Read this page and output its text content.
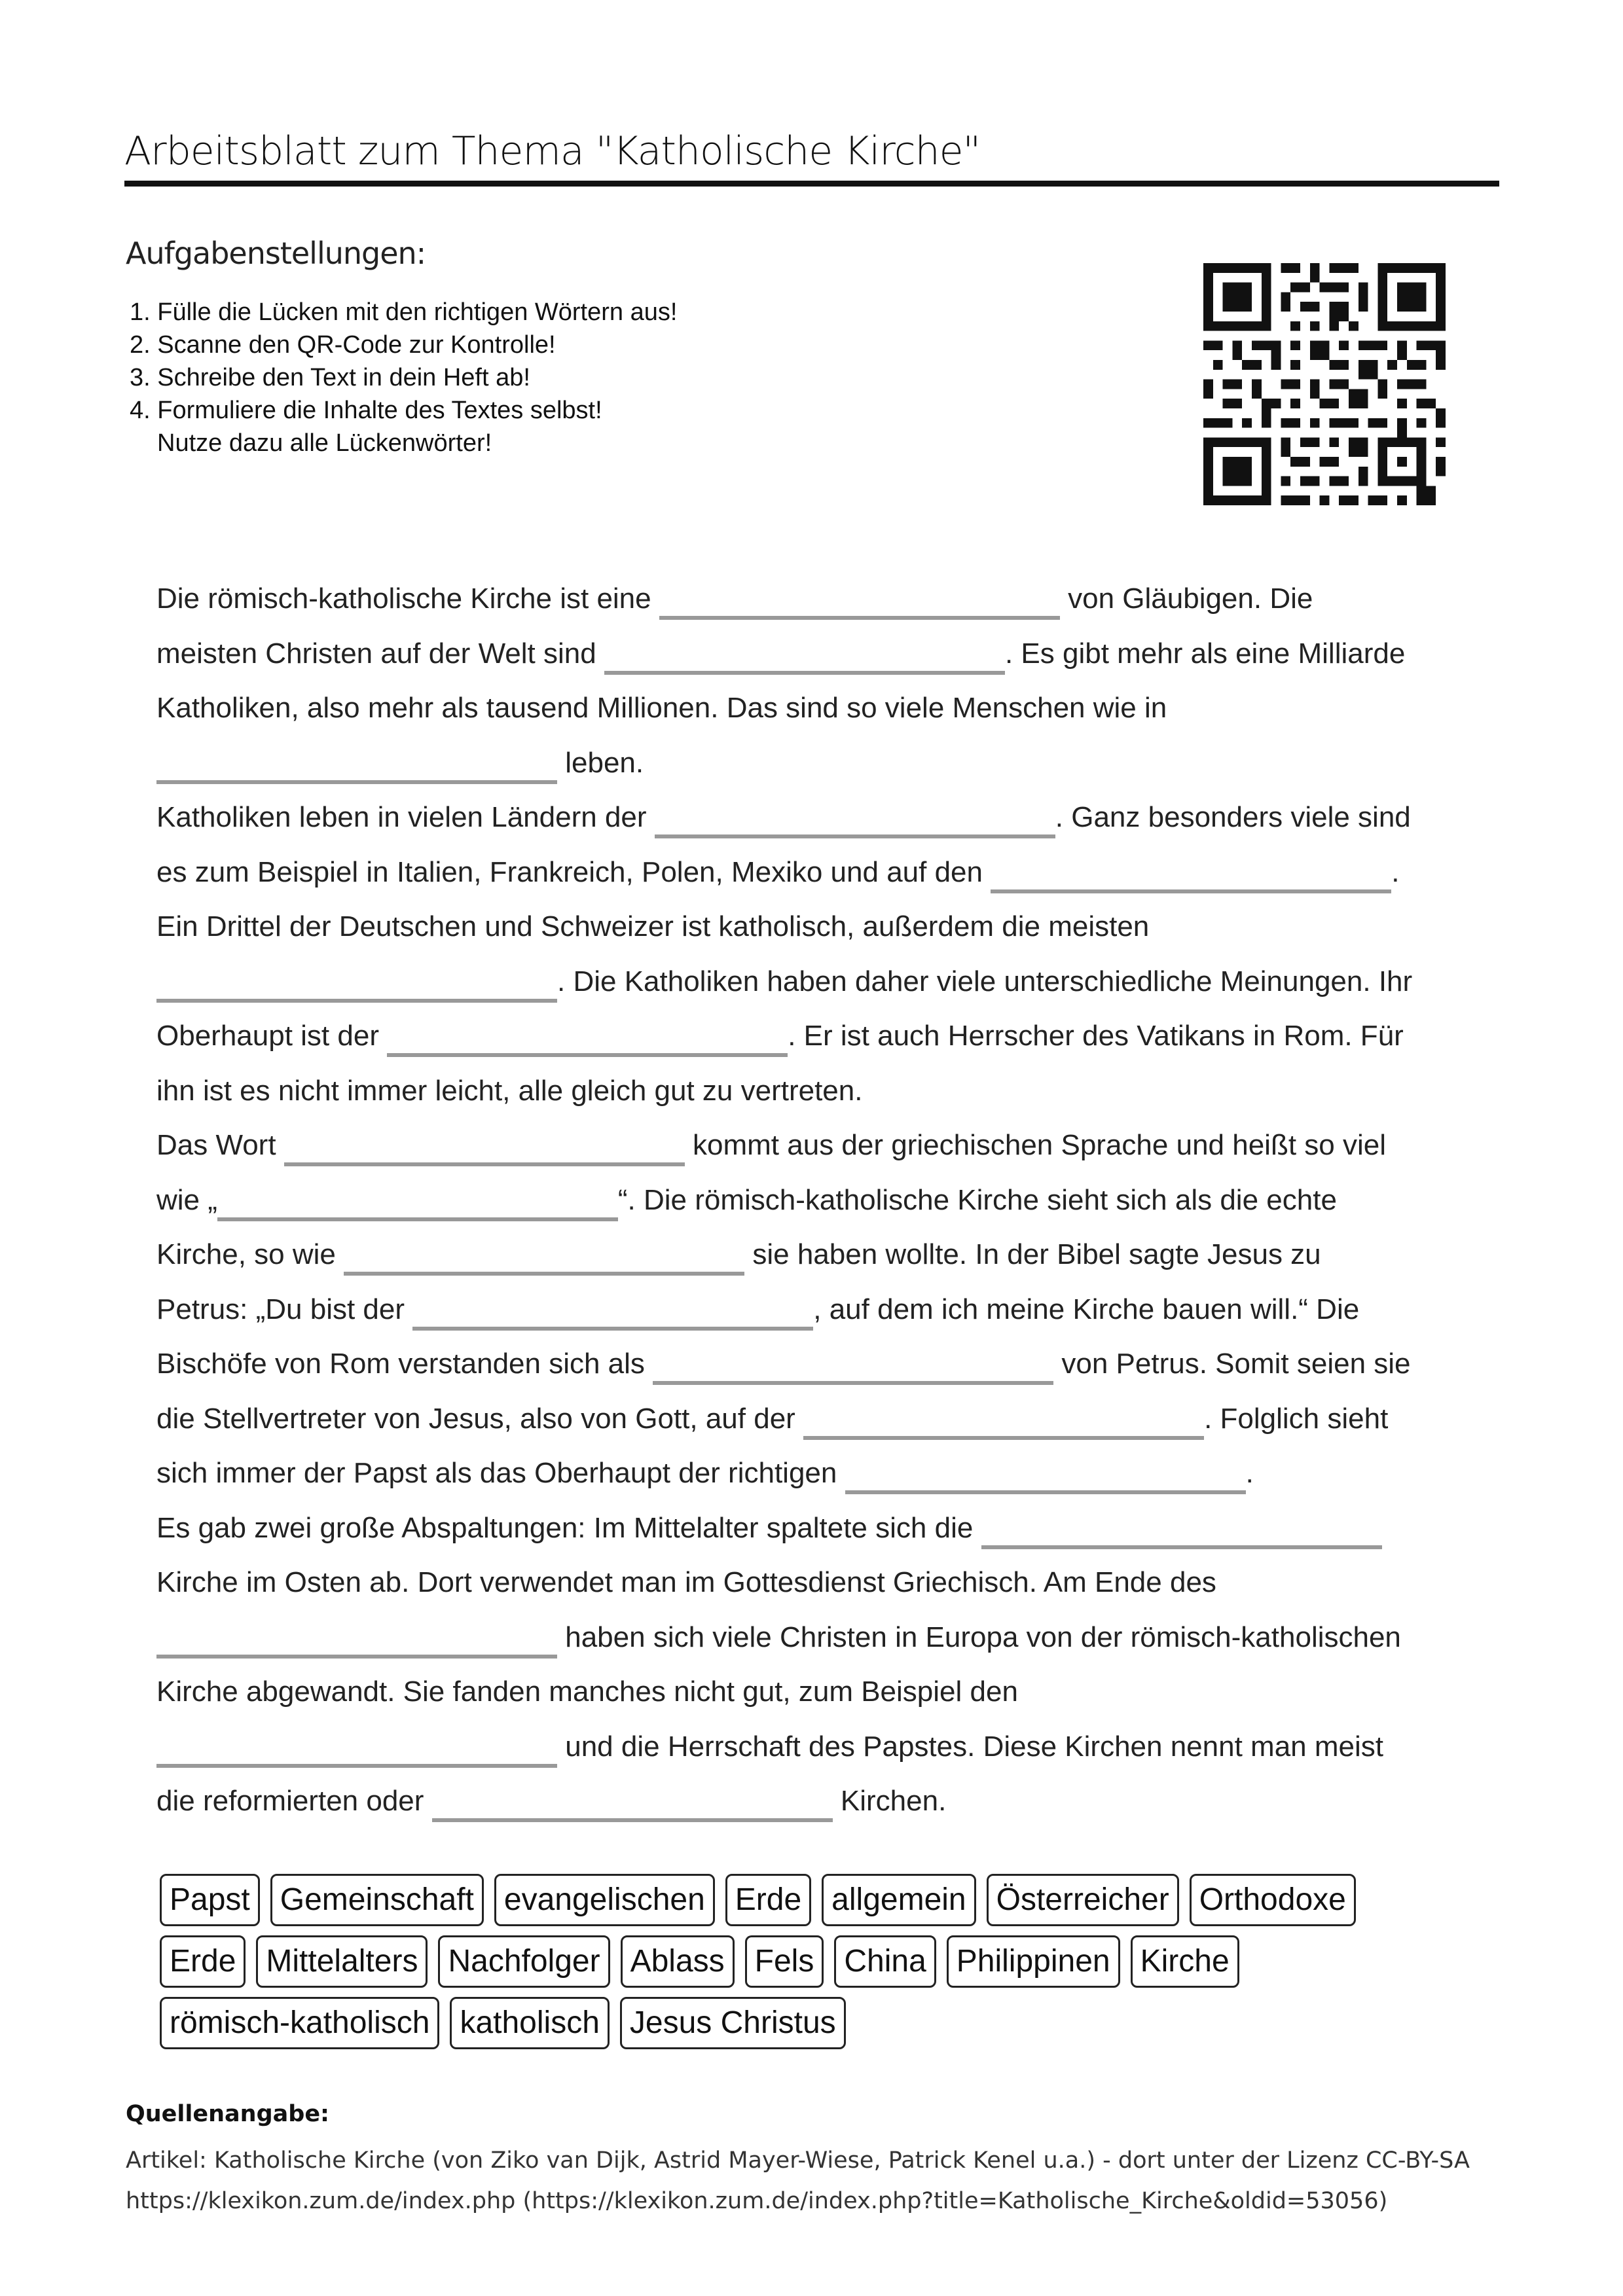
Arbeitsblatt zum Thema "Katholische Kirche"
Aufgabenstellungen:
1. Fülle die Lücken mit den richtigen Wörtern aus!
2. Scanne den QR-Code zur Kontrolle!
3. Schreibe den Text in dein Heft ab!
4. Formuliere die Inhalte des Textes selbst!
Nutze dazu alle Lückenwörter!
Die römisch-katholische Kirche ist eine	von Gläubigen. Die
meisten Christen auf der Welt sind	. Es gibt mehr als eine Milliarde
Katholiken, also mehr als tausend Millionen. Das sind so viele Menschen wie in
leben.
Katholiken leben in vielen Ländern der	. Ganz besonders viele sind
es zum Beispiel in Italien, Frankreich, Polen, Mexiko und auf den	.
Ein Drittel der Deutschen und Schweizer ist katholisch, außerdem die meisten
. Die Katholiken haben daher viele unterschiedliche Meinungen. Ihr
Oberhaupt ist der	. Er ist auch Herrscher des Vatikans in Rom. Für
ihn ist es nicht immer leicht, alle gleich gut zu vertreten.
Das Wort	kommt aus der griechischen Sprache und heißt so viel
wie „	“. Die römisch-katholische Kirche sieht sich als die echte
Kirche, so wie	sie haben wollte. In der Bibel sagte Jesus zu
Petrus: „Du bist der	, auf dem ich meine Kirche bauen will.“ Die
Bischöfe von Rom verstanden sich als	von Petrus. Somit seien sie
die Stellvertreter von Jesus, also von Gott, auf der	. Folglich sieht
sich immer der Papst als das Oberhaupt der richtigen	.
Es gab zwei große Abspaltungen: Im Mittelalter spaltete sich die
Kirche im Osten ab. Dort verwendet man im Gottesdienst Griechisch. Am Ende des
haben sich viele Christen in Europa von der römisch-katholischen
Kirche abgewandt. Sie fanden manches nicht gut, zum Beispiel den
und die Herrschaft des Papstes. Diese Kirchen nennt man meist
die reformierten oder	Kirchen.
Papst Gemeinschaft evangelischen Erde allgemein Österreicher Orthodoxe
Erde Mittelalters Nachfolger Ablass Fels China Philippinen Kirche
römisch-katholisch katholisch Jesus Christus
Quellenangabe:
Artikel: Katholische Kirche (von Ziko van Dijk, Astrid Mayer-Wiese, Patrick Kenel u.a.) - dort unter der Lizenz CC-BY-SA
https://klexikon.zum.de/index.php (https://klexikon.zum.de/index.php?title=Katholische_Kirche&oldid=53056)
